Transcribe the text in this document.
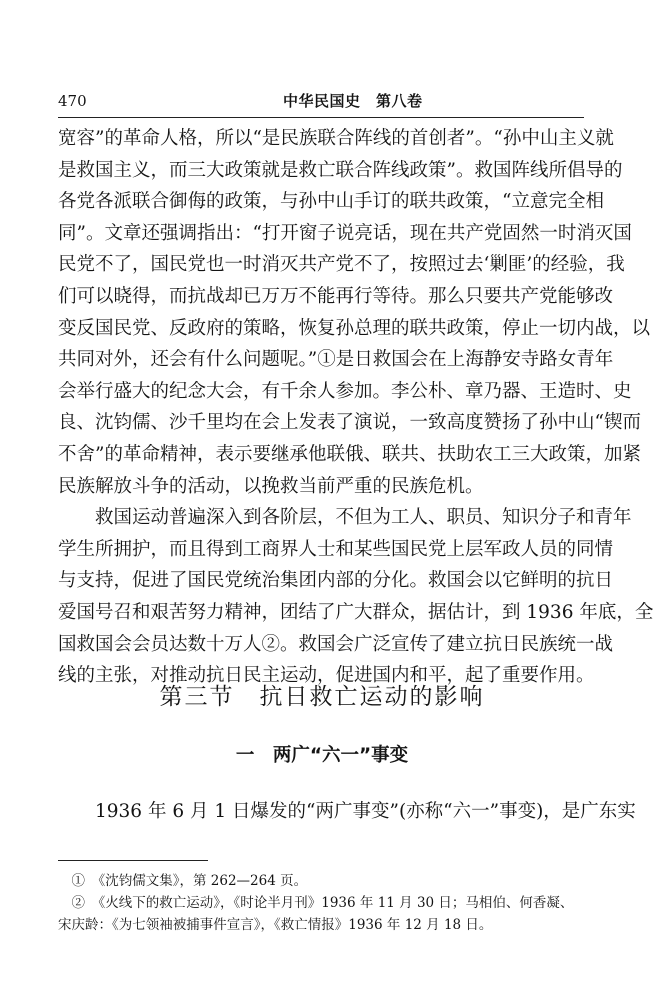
470	中华民国史　第八卷
宽容”的革命人格，所以“是民族联合阵线的首创者”。“孙中山主义就
是救国主义，而三大政策就是救亡联合阵线政策”。救国阵线所倡导的
各党各派联合御侮的政策，与孙中山手订的联共政策，“立意完全相
同”。文章还强调指出：“打开窗子说亮话，现在共产党固然一时消灭国
民党不了，国民党也一时消灭共产党不了，按照过去‘剿匪’的经验，我
们可以晓得，而抗战却已万万不能再行等待。那么只要共产党能够改
变反国民党、反政府的策略，恢复孙总理的联共政策，停止一切内战，以
共同对外，还会有什么问题呢。”①是日救国会在上海静安寺路女青年
会举行盛大的纪念大会，有千余人参加。李公朴、章乃器、王造时、史
良、沈钧儒、沙千里均在会上发表了演说，一致高度赞扬了孙中山“锲而
不舍”的革命精神，表示要继承他联俄、联共、扶助农工三大政策，加紧
民族解放斗争的活动，以挽救当前严重的民族危机。
　　救国运动普遍深入到各阶层，不但为工人、职员、知识分子和青年
学生所拥护，而且得到工商界人士和某些国民党上层军政人员的同情
与支持，促进了国民党统治集团内部的分化。救国会以它鲜明的抗日
爱国号召和艰苦努力精神，团结了广大群众，据估计，到 1936 年底，全
国救国会会员达数十万人②。救国会广泛宣传了建立抗日民族统一战
线的主张，对推动抗日民主运动，促进国内和平，起了重要作用。
第三节　抗日救亡运动的影响
一　两广“六一”事变
　　1936 年 6 月 1 日爆发的“两广事变”(亦称“六一”事变)，是广东实
　①　《沈钧儒文集》，第 262—264 页。
　②　《火线下的救亡运动》，《时论半月刊》1936 年 11 月 30 日；马相伯、何香凝、
宋庆龄：《为七领袖被捕事件宣言》，《救亡情报》1936 年 12 月 18 日。
